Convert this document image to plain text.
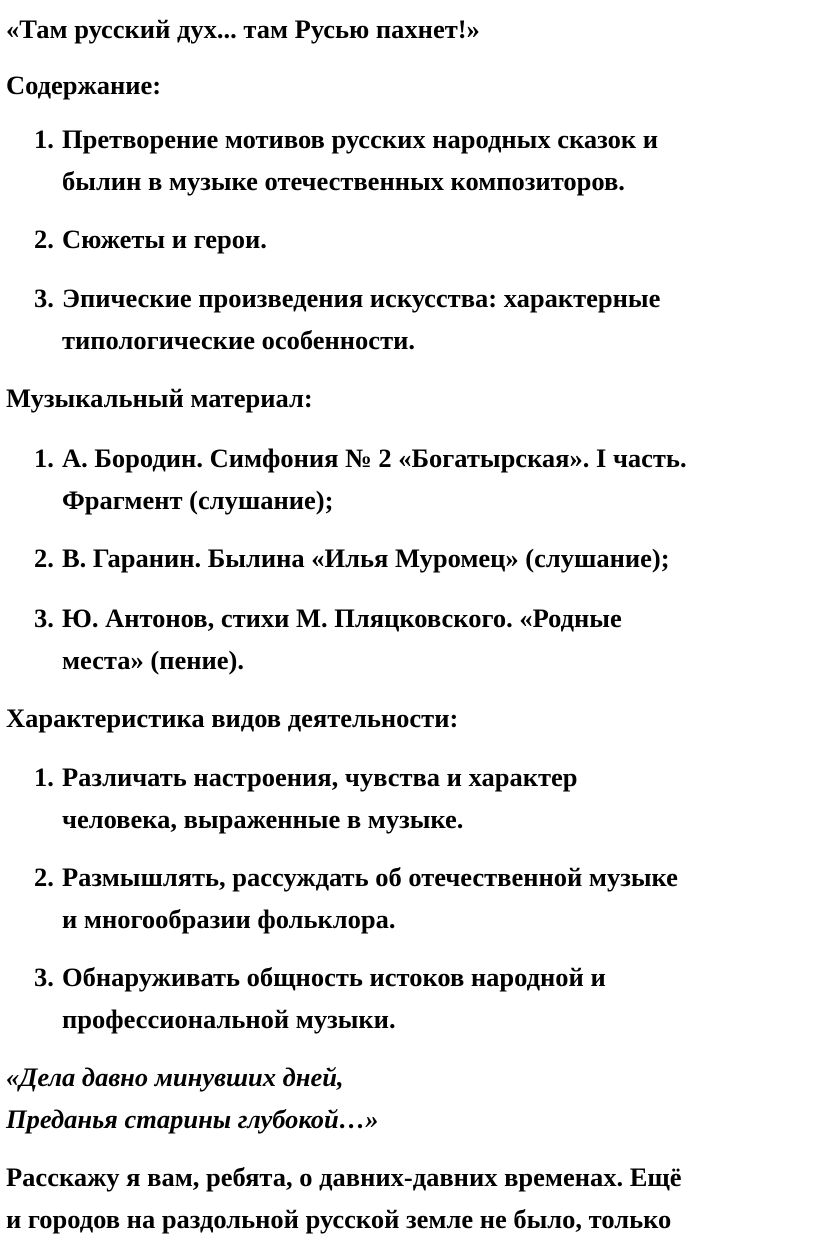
«Там русский дух... там Русью пахнет!»
Содержание:
1. Претворение мотивов русских народных сказок и
былин в музыке отечественных композиторов.
2. Сюжеты и герои.
3. Эпические произведения искусства: характерные
типологические особенности.
Музыкальный материал:
1. А. Бородин. Симфония № 2 «Богатырская». I часть.
Фрагмент (слушание);
2. В. Гаранин. Былина «Илья Муромец» (слушание);
3. Ю. Антонов, стихи М. Пляцковского. «Родные
места» (пение).
Характеристика видов деятельности:
1. Различать настроения, чувства и характер
человека, выраженные в музыке.
2. Размышлять, рассуждать об отечественной музыке
и многообразии фольклора.
3. Обнаруживать общность истоков народной и
профессиональной музыки.
«Дела давно минувших дней,
Преданья старины глубокой…»
Расскажу я вам, ребята, о давних-давних временах. Ещё
и городов на раздольной русской земле не было, только
